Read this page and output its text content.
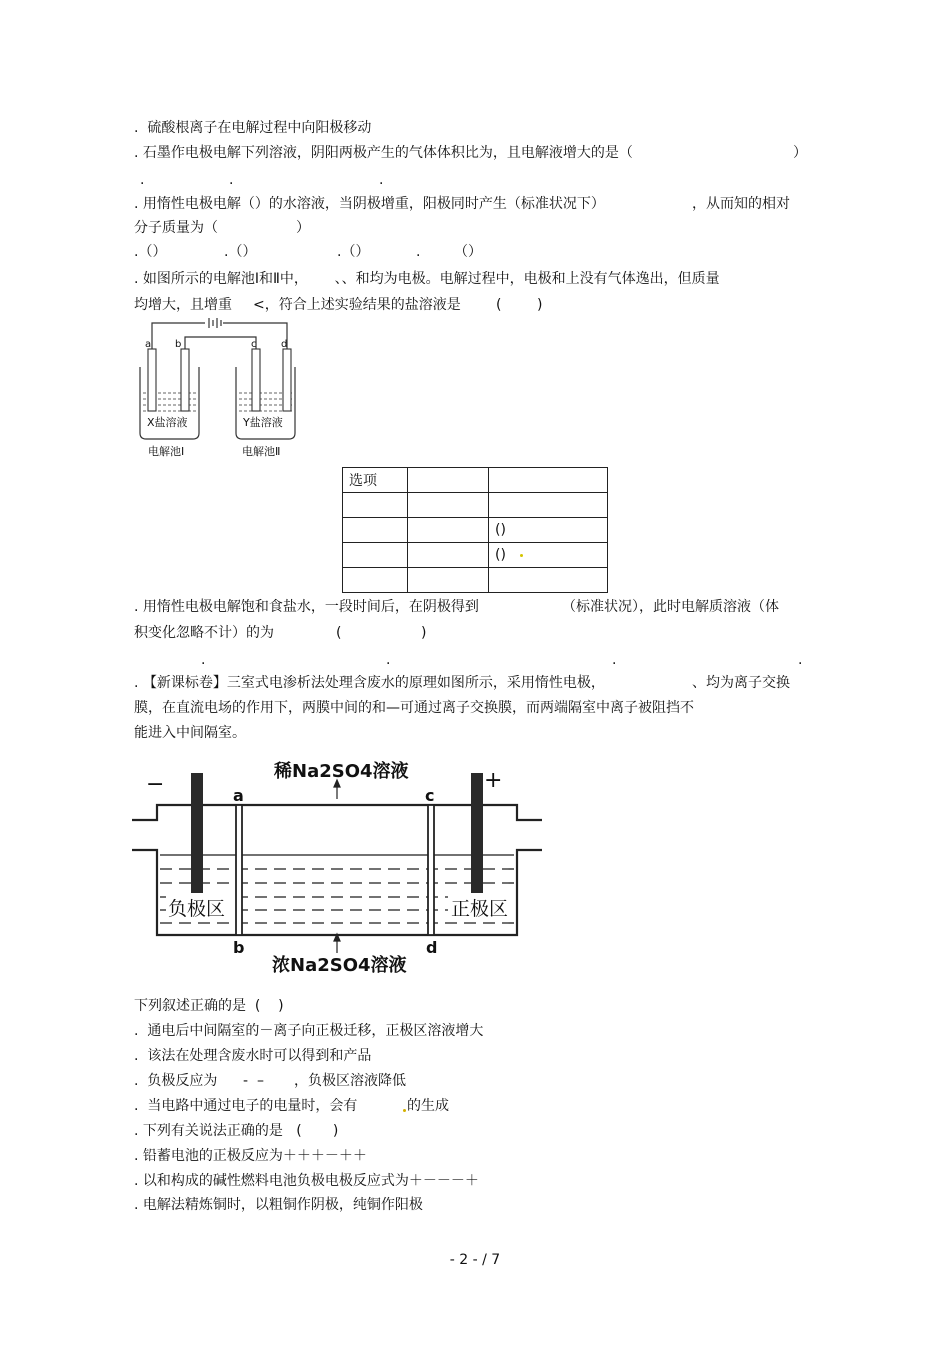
.  硫酸根离子在电解过程中向阳极移动
. 石墨作电极电解下列溶液，阴阳两极产生的气体体积比为，且电解液增大的是（	）
.	.	.
. 用惰性电极电解（）的水溶液，当阴极增重，阳极同时产生（标准状况下）	，从而知的相对
分子质量为（	）
.（）	.（）	.（）	. （）
. 如图所示的电解池Ⅰ和Ⅱ中，      、、和均为电极。电解过程中，电极和上没有气体逸出，但质量
均增大，且增重 <，符合上述实验结果的盐溶液是	(	)
a b	c d
X盐溶液	Y盐溶液
电解池Ⅰ	电解池Ⅱ
选项		

		()
		()

. 用惰性电极电解饱和食盐水，一段时间后，在阴极得到	（标准状况），此时电解质溶液（体
积变化忽略不计）的为	(	)
.	.	.	.
. 【新课标卷】三室式电渗析法处理含废水的原理如图所示，采用惰性电极，	、均为离子交换
膜，在直流电场的作用下，两膜中间的和—可通过离子交换膜，而两端隔室中离子被阻挡不
能进入中间隔室。
负极区	正极区
−	+
a
b
c
d
稀Na2SO4溶液
浓Na2SO4溶液
下列叙述正确的是  (    )
.  通电后中间隔室的－离子向正极迁移，正极区溶液增大
.  该法在处理含废水时可以得到和产品
.  负极反应为 -  – ，负极区溶液降低
.  当电路中通过电子的电量时，会有	的生成
. 下列有关说法正确的是   (       )
. 铅蓄电池的正极反应为＋＋＋－＋＋
. 以和构成的碱性燃料电池负极电极反应式为＋－－－＋
. 电解法精炼铜时，以粗铜作阴极，纯铜作阳极
- 2 - / 7
